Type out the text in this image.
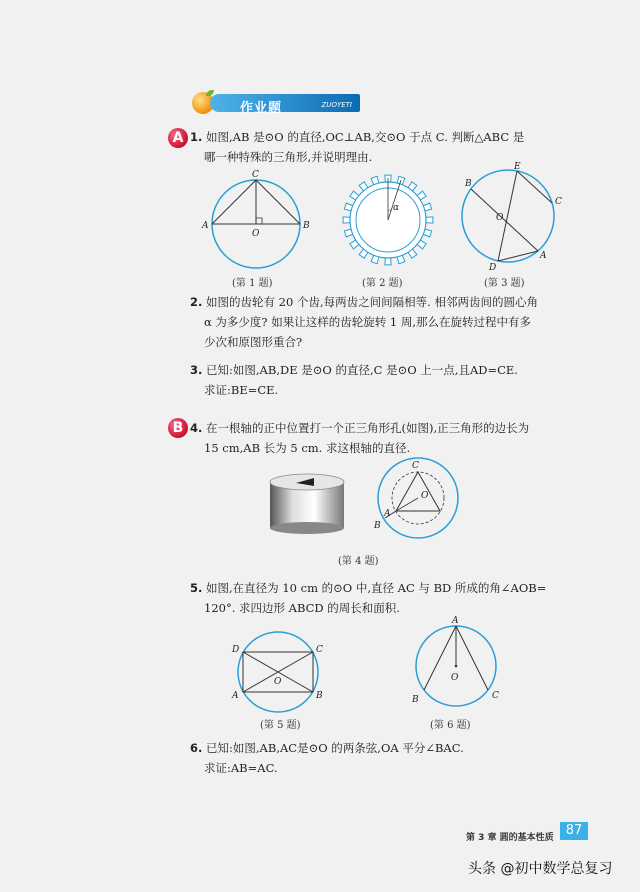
作业题	ZUOYETI
A 1. 如图,AB 是⊙O 的直径,OC⊥AB,交⊙O 于点 C. 判断△ABC 是
哪一种特殊的三角形,并说明理由.
C
A	B
O
(第 1 题)
α
(第 2 题)
B
E
C
O
D
A
(第 3 题)
2. 如图的齿轮有 20 个齿,每两齿之间间隔相等. 相邻两齿间的圆心角
α 为多少度? 如果让这样的齿轮旋转 1 周,那么在旋转过程中有多
少次和原图形重合?
3. 已知:如图,AB,DE 是⊙O 的直径,C 是⊙O 上一点,且AD=CE.
求证:BE=CE.
B 4. 在一根轴的正中位置打一个正三角形孔(如图),正三角形的边长为
15 cm,AB 长为 5 cm. 求这根轴的直径.
C
O
A
B
(第 4 题)
5. 如图,在直径为 10 cm 的⊙O 中,直径 AC 与 BD 所成的角∠AOB=
120°. 求四边形 ABCD 的周长和面积.
D	C
O
A	B
(第 5 题)
A
O
B	C
(第 6 题)
6. 已知:如图,AB,AC是⊙O 的两条弦,OA 平分∠BAC.
求证:AB=AC.
第 3 章 圆的基本性质 87
头条 @初中数学总复习
